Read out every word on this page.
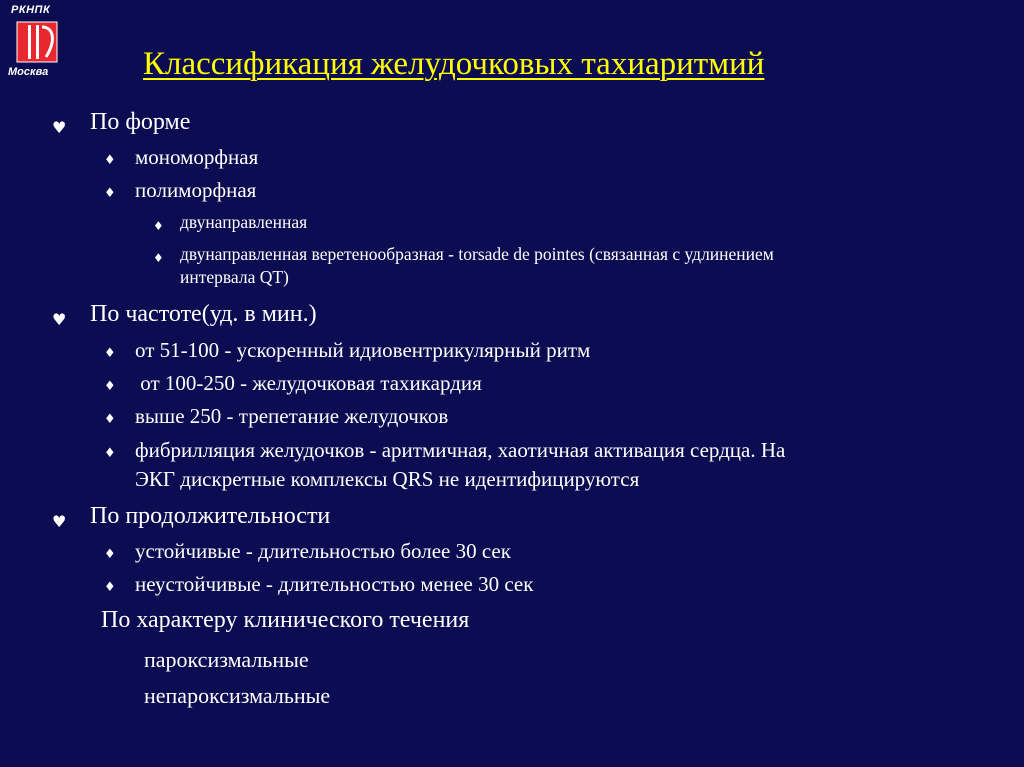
РКНПК
Москва	Классификация желудочковых тахиаритмий
♥ По форме
♦ мономорфная
♦ полиморфная
♦ двунаправленная
♦ двунаправленная веретенообразная - torsade de pointes (связанная с удлинением
интервала QT)
♥ По частоте(уд. в мин.)
♦ от 51-100 - ускоренный идиовентрикулярный ритм
♦ от 100-250 - желудочковая тахикардия
♦ выше 250 - трепетание желудочков
♦ фибрилляция желудочков - аритмичная, хаотичная активация сердца. На
ЭКГ дискретные комплексы QRS не идентифицируются
♥ По продолжительности
♦ устойчивые - длительностью более 30 сек
♦ неустойчивые - длительностью менее 30 сек
По характеру клинического течения
пароксизмальные
непароксизмальные
